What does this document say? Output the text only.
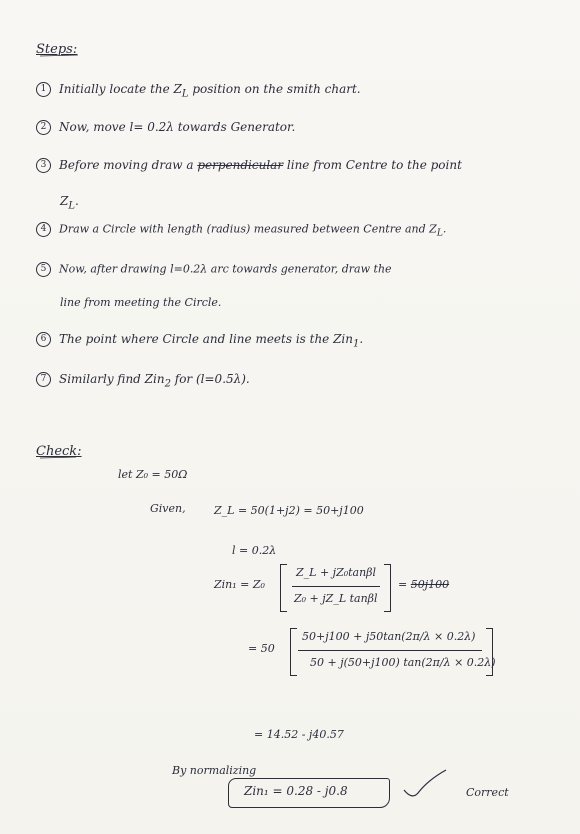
Steps:
1 Initially locate the $Z_L$ position on the smith chart.
2 Now, move l= 0.2λ towards Generator.
3 Before moving draw a perpendicular line from Centre to the point
$Z_L$.
4 Draw a Circle with length (radius) measured between Centre and $Z_L$.
5 Now, after drawing l=0.2λ arc towards generator, draw the
line from meeting the Circle.
6 The point where Circle and line meets is the Zin$_1$.
7 Similarly find Zin$_2$ for (l=0.5λ).
Check:
let Z₀ = 50Ω
Given,	Z_L = 50(1+j2) = 50+j100
l = 0.2λ
Zin₁ = Z₀
Z_L + jZ₀tanβl
Z₀ + jZ_L tanβl
= 50j100
= 50
50+j100 + j50tan(2π/λ × 0.2λ)
50 + j(50+j100) tan(2π/λ × 0.2λ)
= 14.52 - j40.57
By normalizing
Zin₁ = 0.28 - j0.8	Correct
